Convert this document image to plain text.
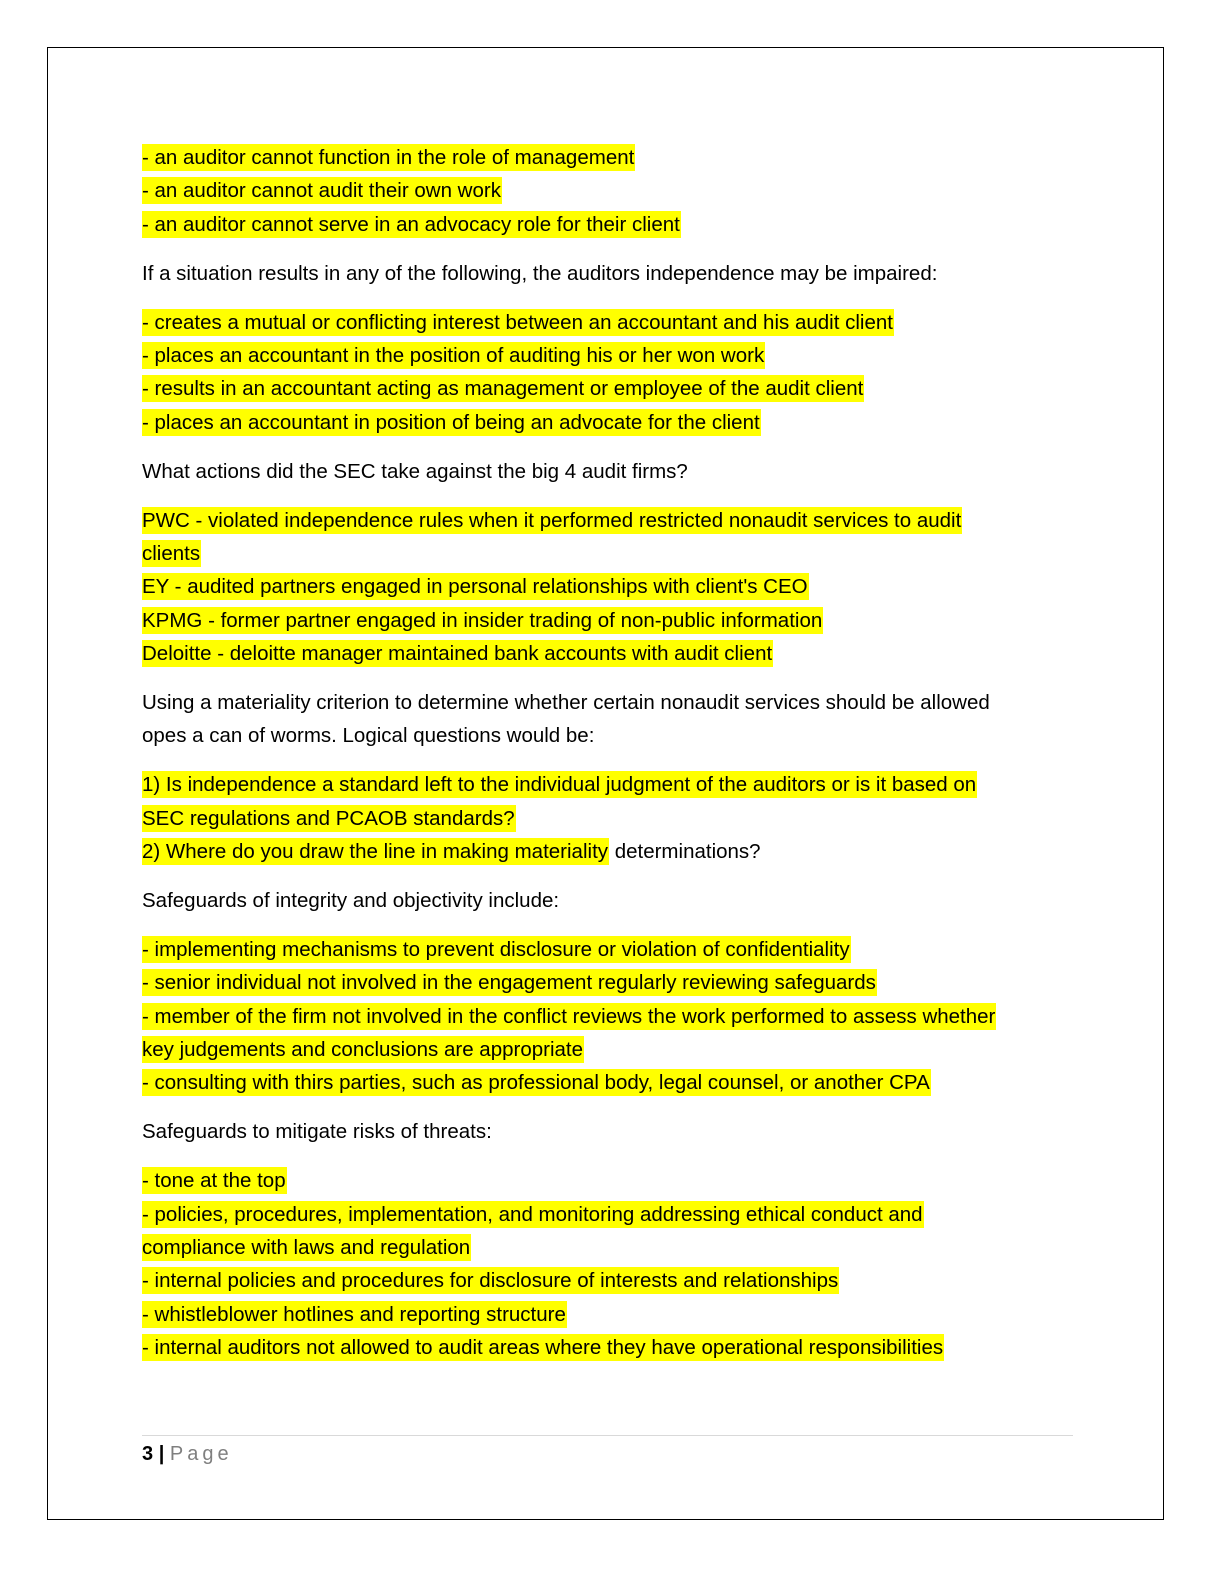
- an auditor cannot function in the role of management
- an auditor cannot audit their own work
- an auditor cannot serve in an advocacy role for their client
If a situation results in any of the following, the auditors independence may be impaired:
- creates a mutual or conflicting interest between an accountant and his audit client
- places an accountant in the position of auditing his or her won work
- results in an accountant acting as management or employee of the audit client
- places an accountant in position of being an advocate for the client
What actions did the SEC take against the big 4 audit firms?
PWC - violated independence rules when it performed restricted nonaudit services to audit
clients
EY - audited partners engaged in personal relationships with client's CEO
KPMG - former partner engaged in insider trading of non-public information
Deloitte - deloitte manager maintained bank accounts with audit client
Using a materiality criterion to determine whether certain nonaudit services should be allowed
opes a can of worms. Logical questions would be:
1) Is independence a standard left to the individual judgment of the auditors or is it based on
SEC regulations and PCAOB standards?
2) Where do you draw the line in making materiality determinations?
Safeguards of integrity and objectivity include:
- implementing mechanisms to prevent disclosure or violation of confidentiality
- senior individual not involved in the engagement regularly reviewing safeguards
- member of the firm not involved in the conflict reviews the work performed to assess whether
key judgements and conclusions are appropriate
- consulting with thirs parties, such as professional body, legal counsel, or another CPA
Safeguards to mitigate risks of threats:
- tone at the top
- policies, procedures, implementation, and monitoring addressing ethical conduct and
compliance with laws and regulation
- internal policies and procedures for disclosure of interests and relationships
- whistleblower hotlines and reporting structure
- internal auditors not allowed to audit areas where they have operational responsibilities
3 | Page
